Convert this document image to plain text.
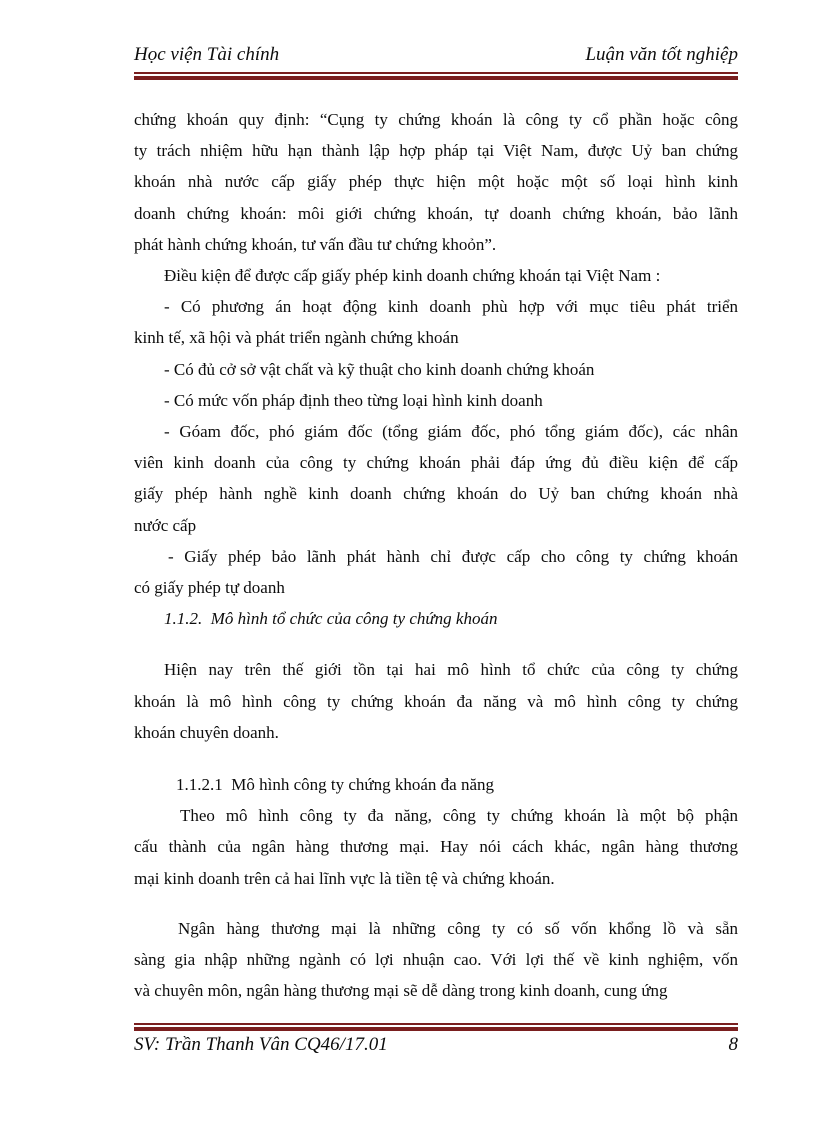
Học viện Tài chính	Luận văn tốt nghiệp
chứng khoán quy định: “Cụng ty chứng khoán là công ty cổ phần hoặc công
ty trách nhiệm hữu hạn thành lập hợp pháp tại Việt Nam, được Uỷ ban chứng
khoán nhà nước cấp giấy phép thực hiện một hoặc một số loại hình kinh
doanh chứng khoán: môi giới chứng khoán, tự doanh chứng khoán, bảo lãnh
phát hành chứng khoán, tư vấn đầu tư chứng khoỏn”.
Điều kiện để được cấp giấy phép kinh doanh chứng khoán tại Việt Nam :
- Có phương án hoạt động kinh doanh phù hợp với mục tiêu phát triển
kinh tế, xã hội và phát triển ngành chứng khoán
- Có đủ cở sở vật chất và kỹ thuật cho kinh doanh chứng khoán
- Có mức vốn pháp định theo từng loại hình kinh doanh
- Góam đốc, phó giám đốc (tổng giám đốc, phó tổng giám đốc), các nhân
viên kinh doanh của công ty chứng khoán phải đáp ứng đủ điều kiện để cấp
giấy phép hành nghề kinh doanh chứng khoán do Uỷ ban chứng khoán nhà
nước cấp
- Giấy phép bảo lãnh phát hành chỉ được cấp cho công ty chứng khoán
có giấy phép tự doanh
1.1.2.  Mô hình tổ chức của công ty chứng khoán
Hiện nay trên thế giới tồn tại hai mô hình tổ chức của công ty chứng
khoán là mô hình công ty chứng khoán đa năng và mô hình công ty chứng
khoán chuyên doanh.
1.1.2.1  Mô hình công ty chứng khoán đa năng
Theo mô hình công ty đa năng, công ty chứng khoán là một bộ phận
cấu thành của ngân hàng thương mại. Hay nói cách khác, ngân hàng thương
mại kinh doanh trên cả hai lĩnh vực là tiền tệ và chứng khoán.
Ngân hàng thương mại là những công ty có số vốn khổng lồ và sẵn
sàng gia nhập những ngành có lợi nhuận cao. Với lợi thế về kinh nghiệm, vốn
và chuyên môn, ngân hàng thương mại sẽ dễ dàng trong kinh doanh, cung ứng
SV: Trần Thanh Vân CQ46/17.01	8
